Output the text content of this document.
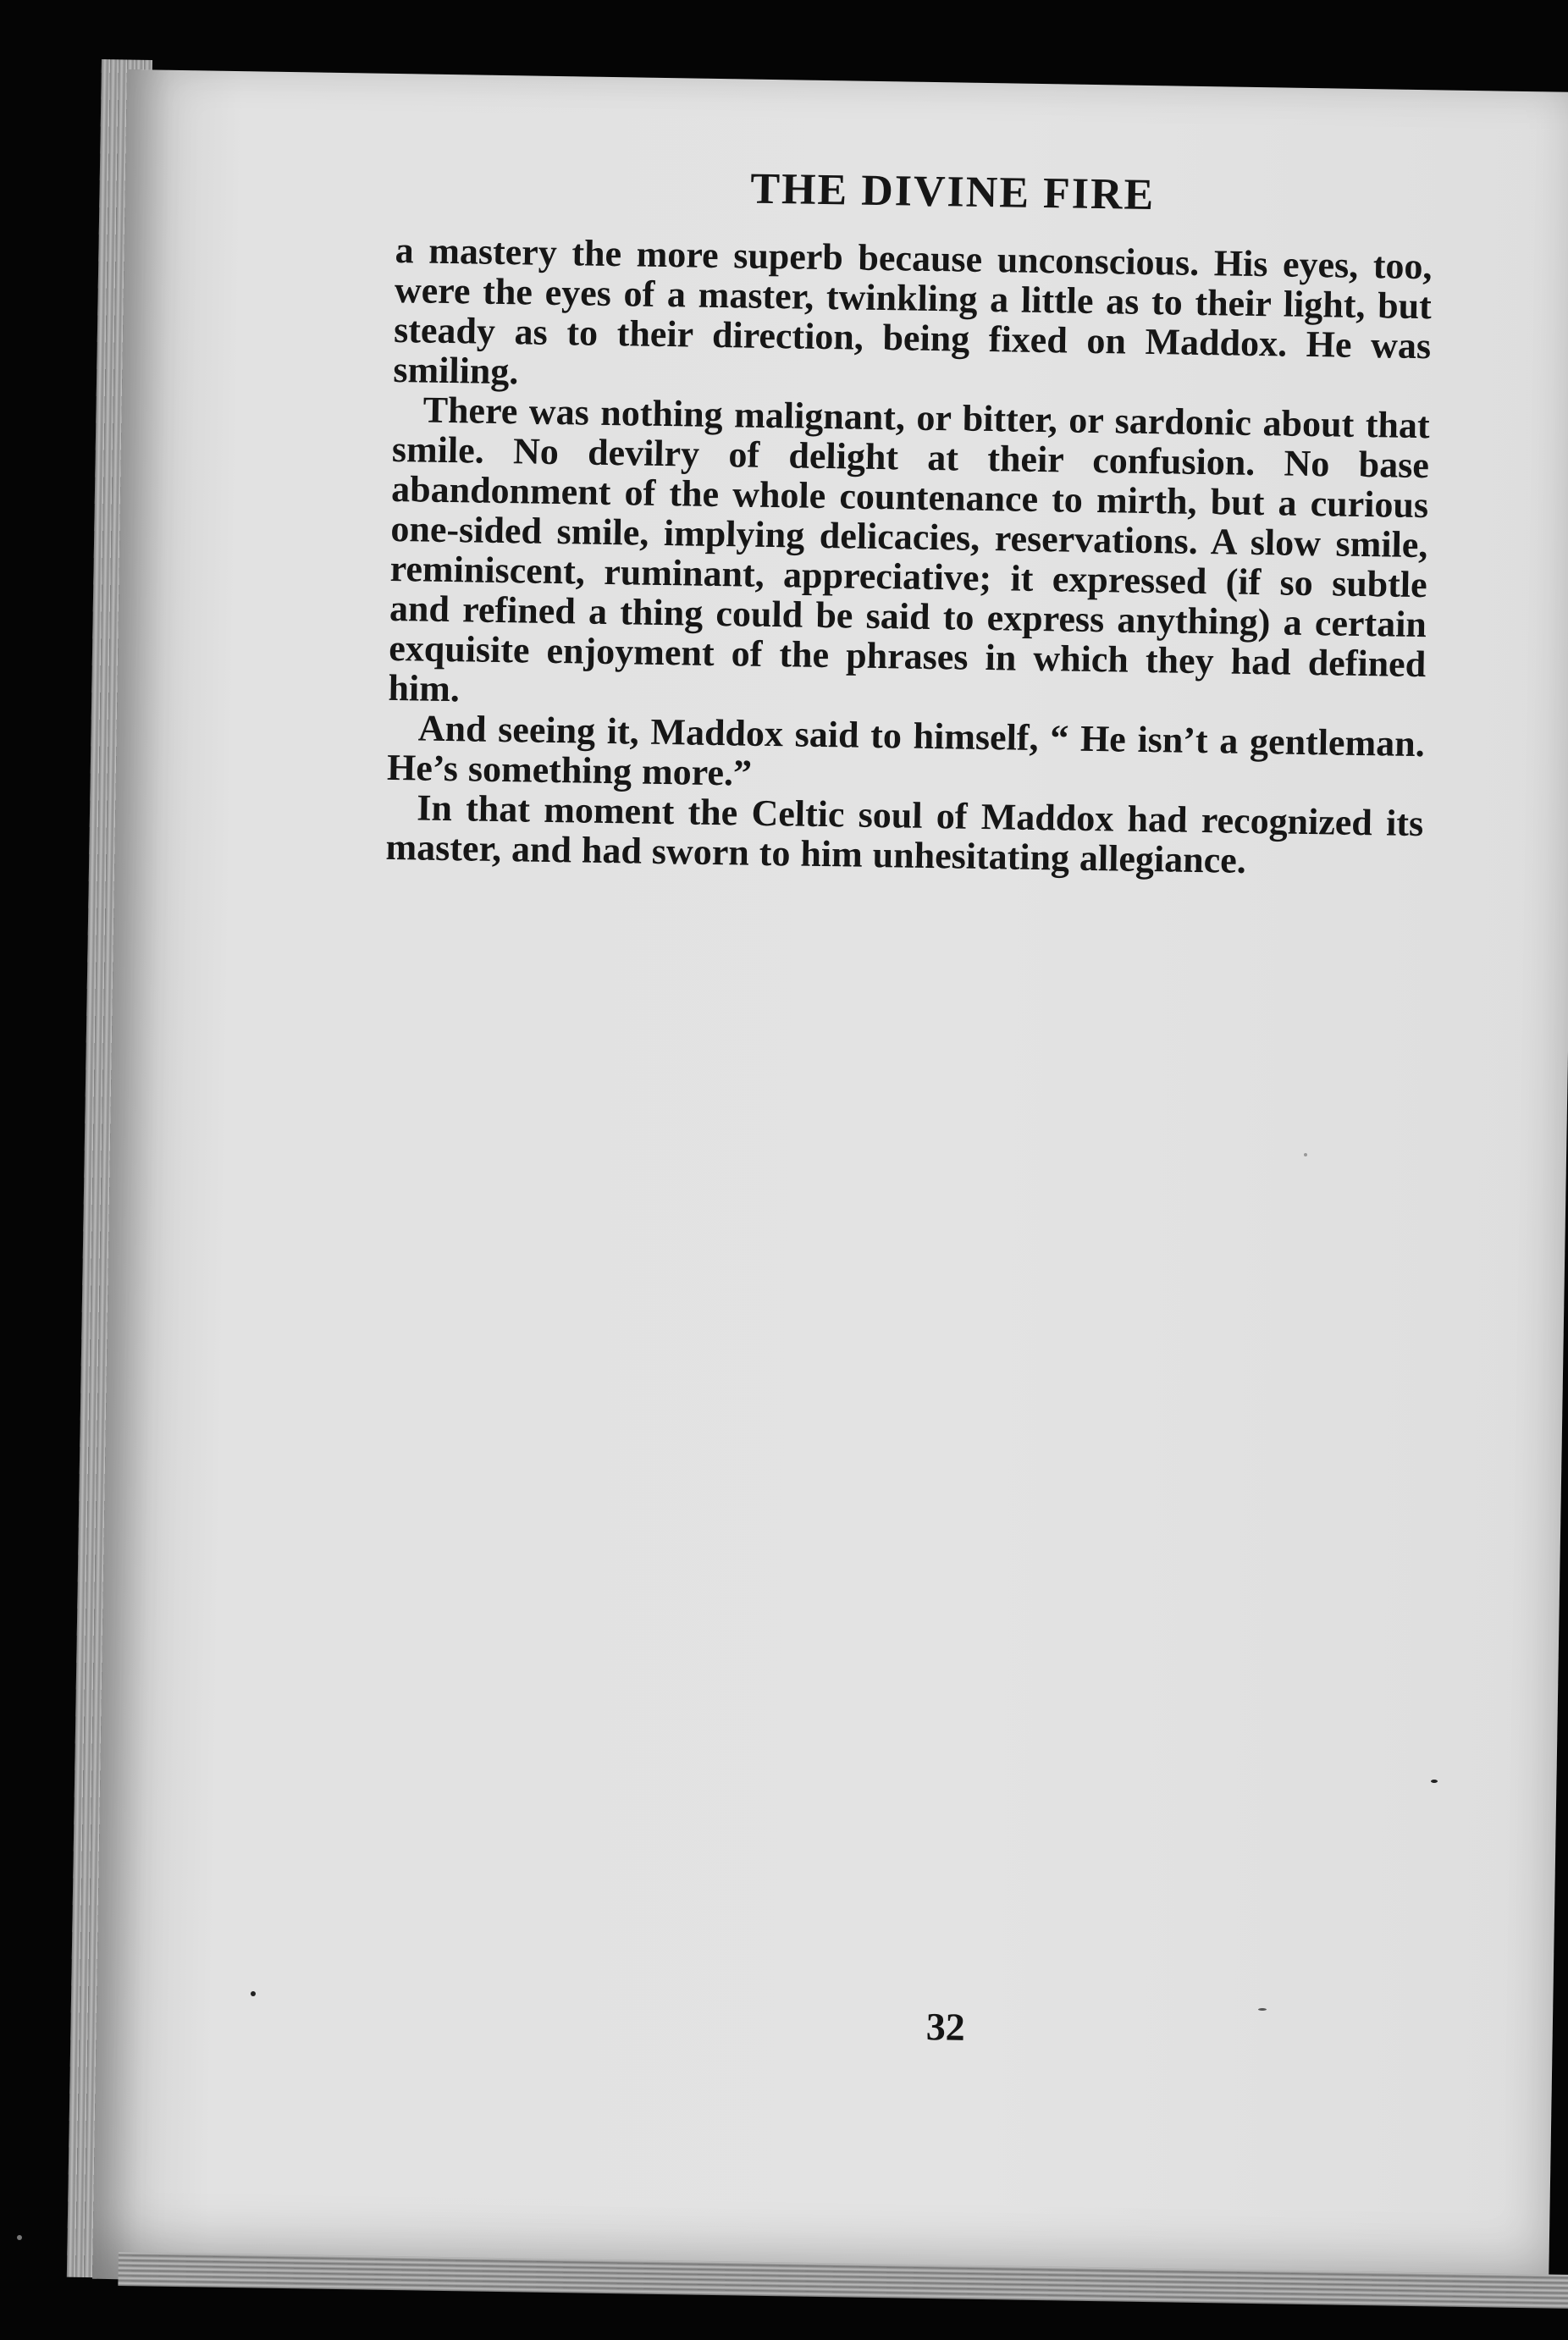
THE DIVINE FIRE

a mastery the more superb because unconscious. His eyes, too, were the eyes of a master, twinkling a little as to their light, but steady as to their direction, being fixed on Maddox. He was smiling.

There was nothing malignant, or bitter, or sardonic about that smile. No devilry of delight at their confusion. No base abandonment of the whole countenance to mirth, but a curious one-sided smile, implying delicacies, reservations. A slow smile, reminiscent, ruminant, appreciative; it expressed (if so subtle and refined a thing could be said to express anything) a certain exquisite enjoyment of the phrases in which they had defined him.

And seeing it, Maddox said to himself, “ He isn’t a gentleman. He’s something more.”

In that moment the Celtic soul of Maddox had recognized its master, and had sworn to him unhesitating allegiance.

32
